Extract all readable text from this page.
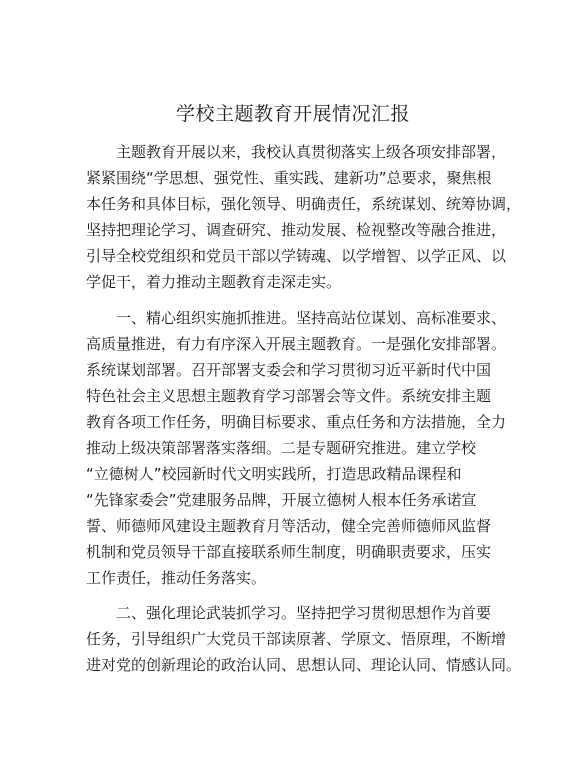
学校主题教育开展情况汇报
　　主题教育开展以来，我校认真贯彻落实上级各项安排部署，
紧紧围绕“学思想、强党性、重实践、建新功”总要求，聚焦根
本任务和具体目标，强化领导、明确责任，系统谋划、统筹协调，
坚持把理论学习、调查研究、推动发展、检视整改等融合推进，
引导全校党组织和党员干部以学铸魂、以学增智、以学正风、以
学促干，着力推动主题教育走深走实。
　　一、精心组织实施抓推进。坚持高站位谋划、高标准要求、
高质量推进，有力有序深入开展主题教育。一是强化安排部署。
系统谋划部署。召开部署支委会和学习贯彻习近平新时代中国
特色社会主义思想主题教育学习部署会等文件。系统安排主题
教育各项工作任务，明确目标要求、重点任务和方法措施，全力
推动上级决策部署落实落细。二是专题研究推进。建立学校
“立德树人”校园新时代文明实践所，打造思政精品课程和
“先锋家委会”党建服务品牌，开展立德树人根本任务承诺宣
誓、师德师风建设主题教育月等活动，健全完善师德师风监督
机制和党员领导干部直接联系师生制度，明确职责要求，压实
工作责任，推动任务落实。
　　二、强化理论武装抓学习。坚持把学习贯彻思想作为首要
任务，引导组织广大党员干部读原著、学原文、悟原理，不断增
进对党的创新理论的政治认同、思想认同、理论认同、情感认同。
